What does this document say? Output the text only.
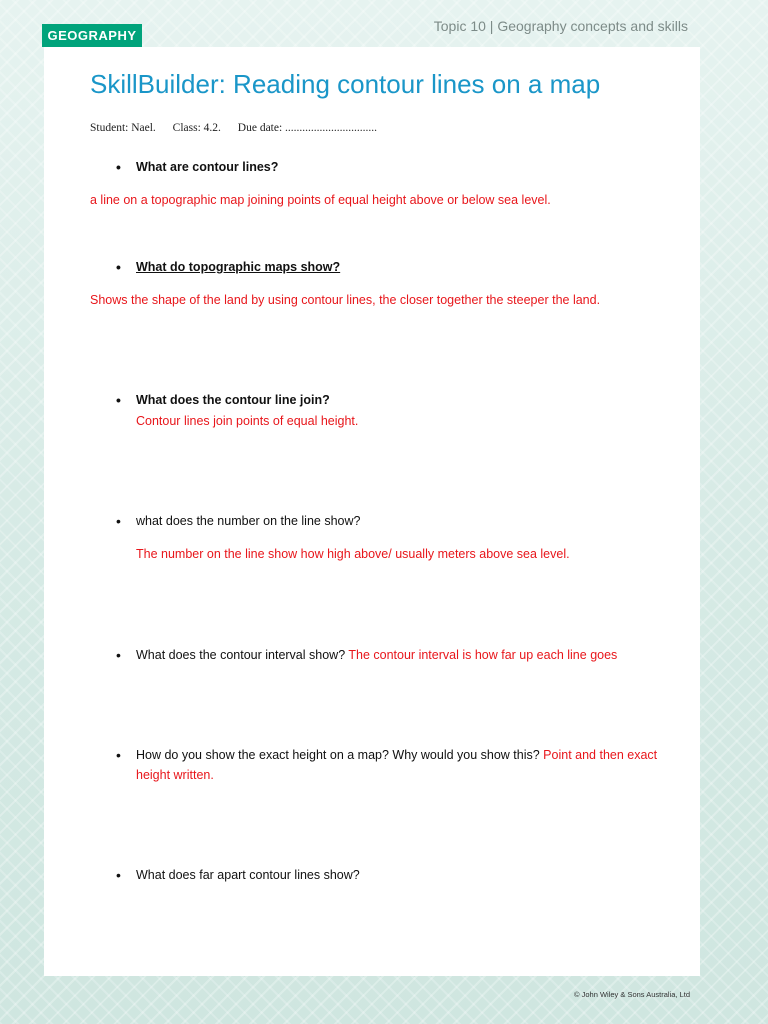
GEOGRAPHY
Topic 10 | Geography concepts and skills
SkillBuilder: Reading contour lines on a map
Student: Nael. Class: 4.2. Due date: ................................
• What are contour lines?
a line on a topographic map joining points of equal height above or below sea level.
• What do topographic maps show?
Shows the shape of the land by using contour lines, the closer together the steeper the land.
• What does the contour line join?
Contour lines join points of equal height.
• what does the number on the line show?
The number on the line show how high above/ usually meters above sea level.
• What does the contour interval show? The contour interval is how far up each line goes
• How do you show the exact height on a map? Why would you show this? Point and then exact
height written.
• What does far apart contour lines show?
© John Wiley & Sons Australia, Ltd
